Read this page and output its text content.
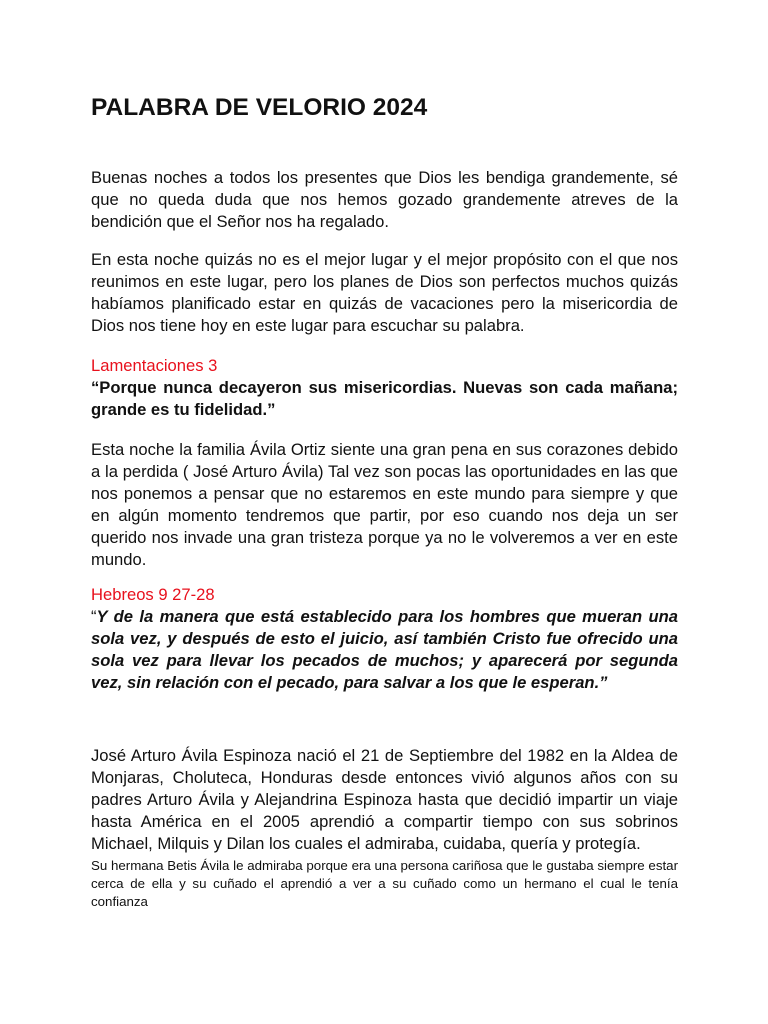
PALABRA DE VELORIO 2024

Buenas noches a todos los presentes que Dios les bendiga grandemente, sé que no queda duda que nos hemos gozado grandemente atreves de la bendición que el Señor nos ha regalado.

En esta noche quizás no es el mejor lugar y el mejor propósito con el que nos reunimos en este lugar, pero los planes de Dios son perfectos muchos quizás habíamos planificado estar en quizás de vacaciones pero la misericordia de Dios nos tiene hoy en este lugar para escuchar su palabra.

Lamentaciones 3

“Porque nunca decayeron sus misericordias. Nuevas son cada mañana; grande es tu fidelidad.”

Esta noche la familia Ávila Ortiz siente una gran pena en sus corazones debido a la perdida ( José Arturo Ávila) Tal vez son pocas las oportunidades en las que nos ponemos a pensar que no estaremos en este mundo para siempre y que en algún momento tendremos que partir, por eso cuando nos deja un ser querido nos invade una gran tristeza porque ya no le volveremos a ver en este mundo.

Hebreos 9 27-28

“Y de la manera que está establecido para los hombres que mueran una sola vez, y después de esto el juicio, así también Cristo fue ofrecido una sola vez para llevar los pecados de muchos; y aparecerá por segunda vez, sin relación con el pecado, para salvar a los que le esperan.”

José Arturo Ávila Espinoza nació el 21 de Septiembre del 1982 en la Aldea de Monjaras, Choluteca, Honduras desde entonces vivió algunos años con su padres Arturo Ávila y Alejandrina Espinoza hasta que decidió impartir un viaje hasta América en el 2005 aprendió a compartir tiempo con sus sobrinos Michael, Milquis y Dilan los cuales el admiraba, cuidaba, quería y protegía.

Su hermana Betis Ávila le admiraba porque era una persona cariñosa que le gustaba siempre estar cerca de ella y su cuñado el aprendió a ver a su cuñado como un hermano el cual le tenía confianza
